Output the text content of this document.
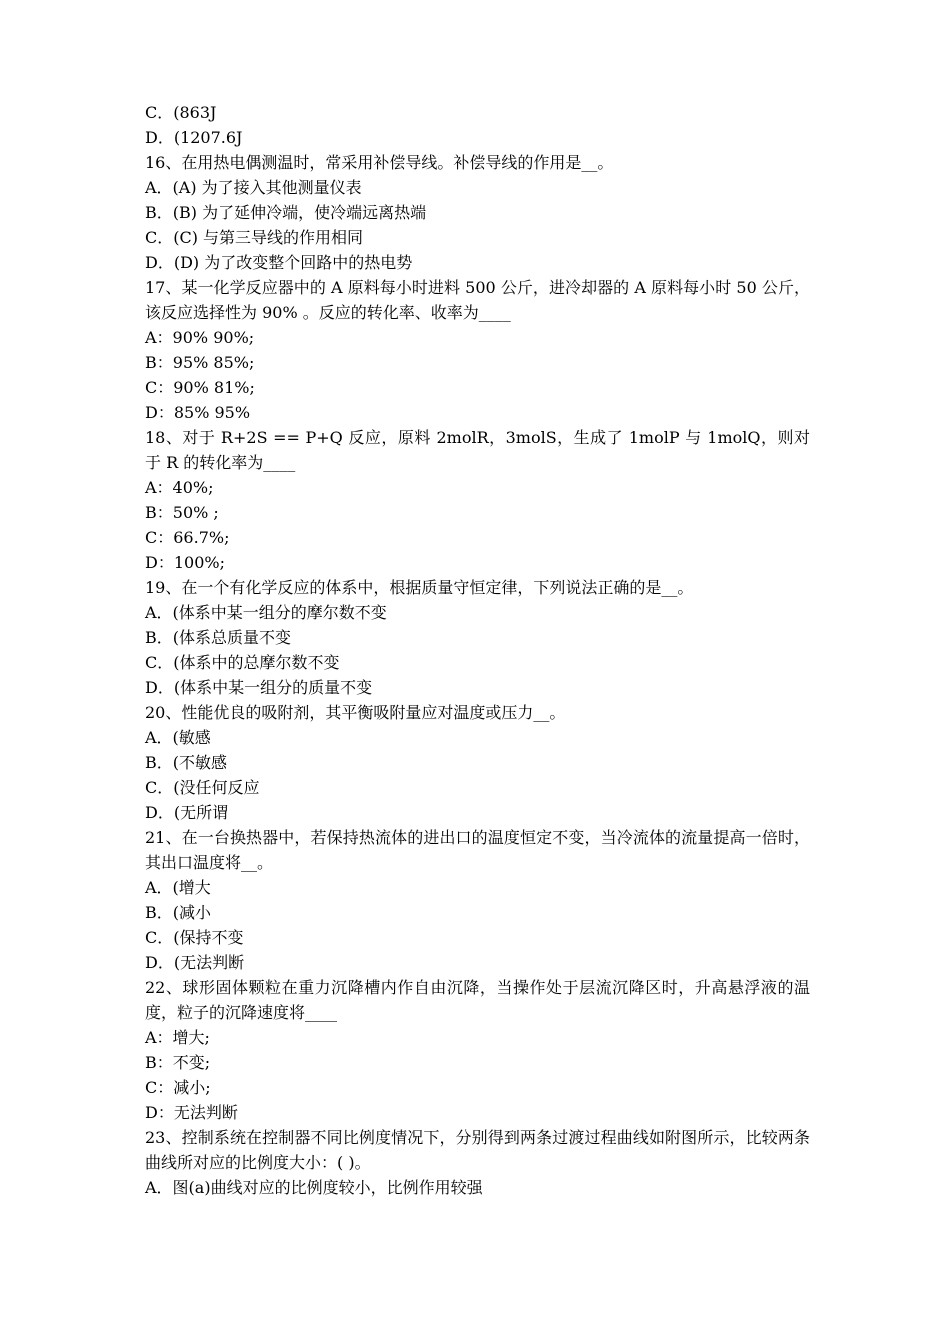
C．(863J

D．(1207.6J

16、在用热电偶测温时，常采用补偿导线。补偿导线的作用是__。

A．(A) 为了接入其他测量仪表

B．(B) 为了延伸冷端，使冷端远离热端

C．(C) 与第三导线的作用相同

D．(D) 为了改变整个回路中的热电势

17、某一化学反应器中的 A 原料每小时进料 500 公斤，进冷却器的 A 原料每小时 50 公斤，该反应选择性为 90% 。反应的转化率、收率为____

A：90% 90%;

B：95% 85%;

C：90% 81%;

D：85% 95%

18、对于 R+2S == P+Q 反应，原料 2molR，3molS，生成了 1molP 与 1molQ，则对于 R 的转化率为____

A：40%;

B：50% ;

C：66.7%;

D：100%;

19、在一个有化学反应的体系中，根据质量守恒定律，下列说法正确的是__。

A．(体系中某一组分的摩尔数不变

B．(体系总质量不变

C．(体系中的总摩尔数不变

D．(体系中某一组分的质量不变

20、性能优良的吸附剂，其平衡吸附量应对温度或压力__。

A．(敏感

B．(不敏感

C．(没任何反应

D．(无所谓

21、在一台换热器中，若保持热流体的进出口的温度恒定不变，当冷流体的流量提高一倍时，其出口温度将__。

A．(增大

B．(减小

C．(保持不变

D．(无法判断

22、球形固体颗粒在重力沉降槽内作自由沉降，当操作处于层流沉降区时，升高悬浮液的温度，粒子的沉降速度将____

A：增大;

B：不变;

C：减小;

D：无法判断

23、控制系统在控制器不同比例度情况下，分别得到两条过渡过程曲线如附图所示，比较两条曲线所对应的比例度大小：( )。

A．图(a)曲线对应的比例度较小，比例作用较强
